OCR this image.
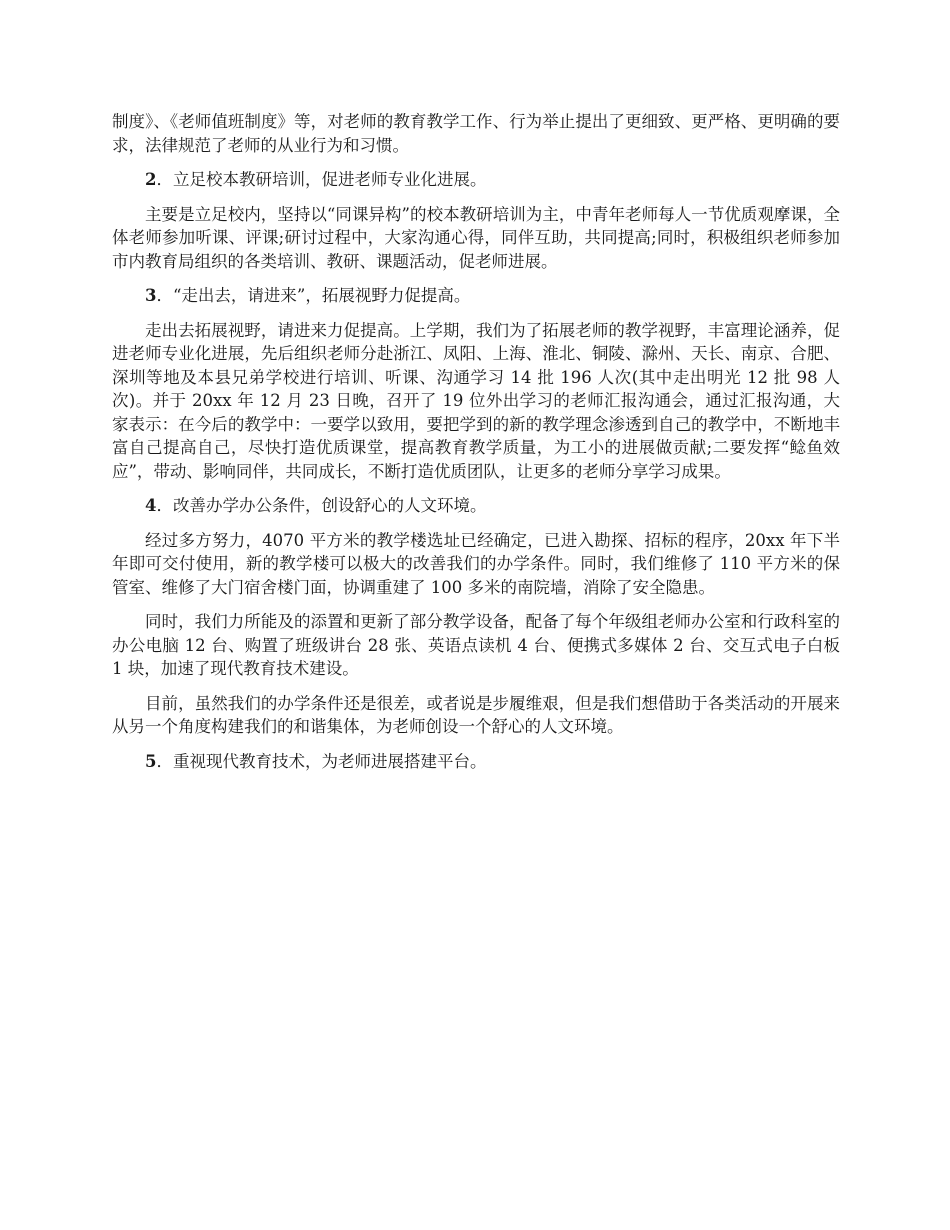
制度》、《老师值班制度》等，对老师的教育教学工作、行为举止提出了更细致、更严格、更明确的要求，法律规范了老师的从业行为和习惯。

2．立足校本教研培训，促进老师专业化进展。

主要是立足校内，坚持以“同课异构”的校本教研培训为主，中青年老师每人一节优质观摩课，全体老师参加听课、评课;研讨过程中，大家沟通心得，同伴互助，共同提高;同时，积极组织老师参加市内教育局组织的各类培训、教研、课题活动，促老师进展。

3．“走出去，请进来”，拓展视野力促提高。

走出去拓展视野，请进来力促提高。上学期，我们为了拓展老师的教学视野，丰富理论涵养，促进老师专业化进展，先后组织老师分赴浙江、凤阳、上海、淮北、铜陵、滁州、天长、南京、合肥、深圳等地及本县兄弟学校进行培训、听课、沟通学习 14 批 196 人次(其中走出明光 12 批 98 人次)。并于 20xx 年 12 月 23 日晚，召开了 19 位外出学习的老师汇报沟通会，通过汇报沟通，大家表示：在今后的教学中：一要学以致用，要把学到的新的教学理念渗透到自己的教学中，不断地丰富自己提高自己，尽快打造优质课堂，提高教育教学质量，为工小的进展做贡献;二要发挥“鲶鱼效应”，带动、影响同伴，共同成长，不断打造优质团队，让更多的老师分享学习成果。

4．改善办学办公条件，创设舒心的人文环境。

经过多方努力，4070 平方米的教学楼选址已经确定，已进入勘探、招标的程序，20xx 年下半年即可交付使用，新的教学楼可以极大的改善我们的办学条件。同时，我们维修了 110 平方米的保管室、维修了大门宿舍楼门面，协调重建了 100 多米的南院墙，消除了安全隐患。

同时，我们力所能及的添置和更新了部分教学设备，配备了每个年级组老师办公室和行政科室的办公电脑 12 台、购置了班级讲台 28 张、英语点读机 4 台、便携式多媒体 2 台、交互式电子白板 1 块，加速了现代教育技术建设。

目前，虽然我们的办学条件还是很差，或者说是步履维艰，但是我们想借助于各类活动的开展来从另一个角度构建我们的和谐集体，为老师创设一个舒心的人文环境。

5．重视现代教育技术，为老师进展搭建平台。
